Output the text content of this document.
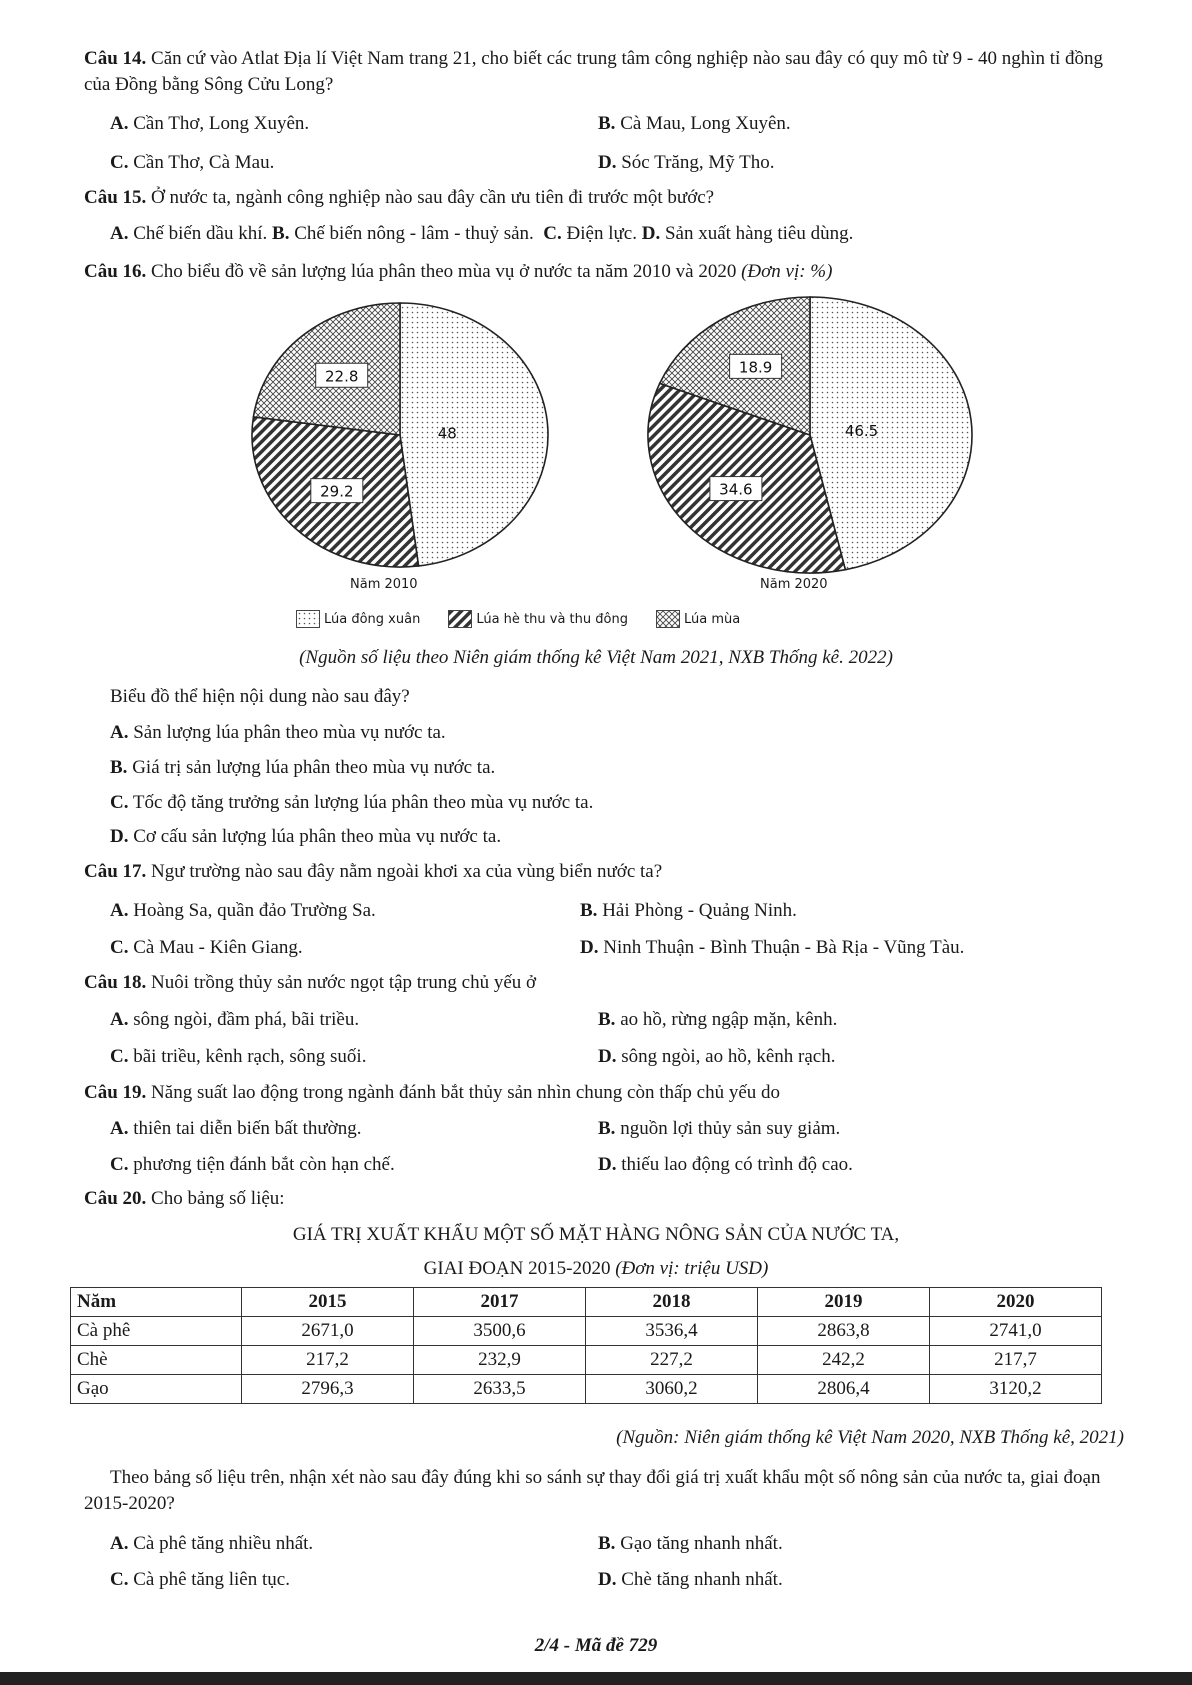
Câu 14. Căn cứ vào Atlat Địa lí Việt Nam trang 21, cho biết các trung tâm công nghiệp nào sau đây có quy mô từ 9 - 40 nghìn tỉ đồng của Đồng bằng Sông Cửu Long?
A. Cần Thơ, Long Xuyên.	B. Cà Mau, Long Xuyên.
C. Cần Thơ, Cà Mau.	D. Sóc Trăng, Mỹ Tho.
Câu 15. Ở nước ta, ngành công nghiệp nào sau đây cần ưu tiên đi trước một bước?
A. Chế biến dầu khí. B. Chế biến nông - lâm - thuỷ sản. C. Điện lực. D. Sản xuất hàng tiêu dùng.
Câu 16. Cho biểu đồ về sản lượng lúa phân theo mùa vụ ở nước ta năm 2010 và 2020 (Đơn vị: %)
48
29.2
22.8
46.5
34.6
18.9
Năm 2010	Năm 2020
Lúa đông xuân	Lúa hè thu và thu đông	Lúa mùa
(Nguồn số liệu theo Niên giám thống kê Việt Nam 2021, NXB Thống kê. 2022)
Biểu đồ thể hiện nội dung nào sau đây?
A. Sản lượng lúa phân theo mùa vụ nước ta.
B. Giá trị sản lượng lúa phân theo mùa vụ nước ta.
C. Tốc độ tăng trưởng sản lượng lúa phân theo mùa vụ nước ta.
D. Cơ cấu sản lượng lúa phân theo mùa vụ nước ta.
Câu 17. Ngư trường nào sau đây nằm ngoài khơi xa của vùng biển nước ta?
A. Hoàng Sa, quần đảo Trường Sa.	B. Hải Phòng - Quảng Ninh.
C. Cà Mau - Kiên Giang.	D. Ninh Thuận - Bình Thuận - Bà Rịa - Vũng Tàu.
Câu 18. Nuôi trồng thủy sản nước ngọt tập trung chủ yếu ở
A. sông ngòi, đầm phá, bãi triều.	B. ao hồ, rừng ngập mặn, kênh.
C. bãi triều, kênh rạch, sông suối.	D. sông ngòi, ao hồ, kênh rạch.
Câu 19. Năng suất lao động trong ngành đánh bắt thủy sản nhìn chung còn thấp chủ yếu do
A. thiên tai diễn biến bất thường.	B. nguồn lợi thủy sản suy giảm.
C. phương tiện đánh bắt còn hạn chế.	D. thiếu lao động có trình độ cao.
Câu 20. Cho bảng số liệu:
GIÁ TRỊ XUẤT KHẨU MỘT SỐ MẶT HÀNG NÔNG SẢN CỦA NƯỚC TA,
GIAI ĐOẠN 2015-2020 (Đơn vị: triệu USD)
Năm	2015	2017	2018	2019	2020
Cà phê	2671,0	3500,6	3536,4	2863,8	2741,0
Chè	217,2	232,9	227,2	242,2	217,7
Gạo	2796,3	2633,5	3060,2	2806,4	3120,2
(Nguồn: Niên giám thống kê Việt Nam 2020, NXB Thống kê, 2021)
Theo bảng số liệu trên, nhận xét nào sau đây đúng khi so sánh sự thay đổi giá trị xuất khẩu một số nông sản của nước ta, giai đoạn 2015-2020?
A. Cà phê tăng nhiều nhất.	B. Gạo tăng nhanh nhất.
C. Cà phê tăng liên tục.	D. Chè tăng nhanh nhất.
2/4 - Mã đề 729
